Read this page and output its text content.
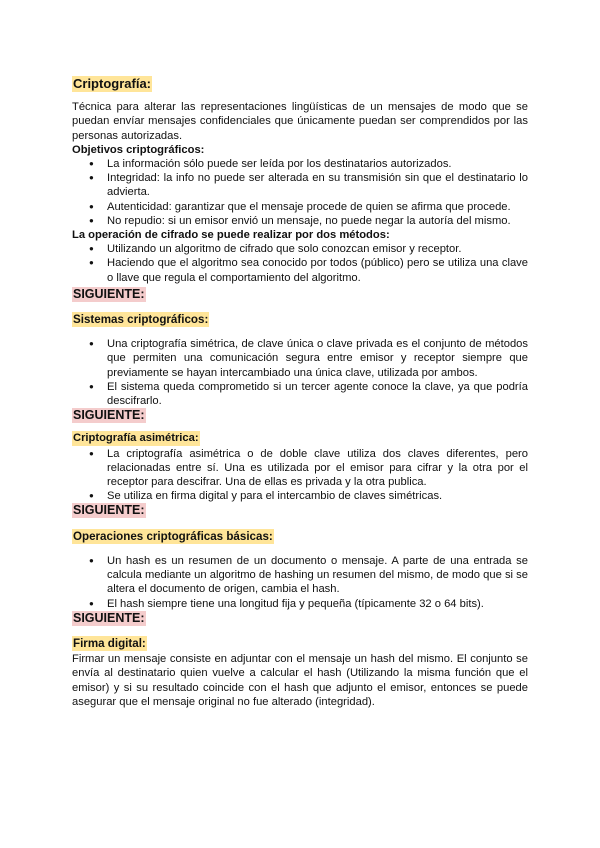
Criptografía:

Técnica para alterar las representaciones lingüísticas de un mensajes de modo que se puedan envíar mensajes confidenciales que únicamente puedan ser comprendidos por las personas autorizadas.

Objetivos criptográficos:

● La información sólo puede ser leída por los destinatarios autorizados.
● Integridad: la info no puede ser alterada en su transmisión sin que el destinatario lo advierta.
● Autenticidad: garantizar que el mensaje procede de quien se afirma que procede.
● No repudio: si un emisor envió un mensaje, no puede negar la autoría del mismo.

La operación de cifrado se puede realizar por dos métodos:

● Utilizando un algoritmo de cifrado que solo conozcan emisor y receptor.
● Haciendo que el algoritmo sea conocido por todos (público) pero se utiliza una clave o llave que regula el comportamiento del algoritmo.
SIGUIENTE:
Sistemas criptográficos:
● Una criptografía simétrica, de clave única o clave privada es el conjunto de métodos que permiten una comunicación segura entre emisor y receptor siempre que previamente se hayan intercambiado una única clave, utilizada por ambos.
● El sistema queda comprometido si un tercer agente conoce la clave, ya que podría descifrarlo.
SIGUIENTE:
Criptografía asimétrica:
● La criptografía asimétrica o de doble clave utiliza dos claves diferentes, pero relacionadas entre sí. Una es utilizada por el emisor para cifrar y la otra por el receptor para descifrar. Una de ellas es privada y la otra publica.
● Se utiliza en firma digital y para el intercambio de claves simétricas.
SIGUIENTE:
Operaciones criptográficas básicas:
● Un hash es un resumen de un documento o mensaje. A parte de una entrada se calcula mediante un algoritmo de hashing un resumen del mismo, de modo que si se altera el documento de origen, cambia el hash.
● El hash siempre tiene una longitud fija y pequeña (típicamente 32 o 64 bits).
SIGUIENTE:
Firma digital:

Firmar un mensaje consiste en adjuntar con el mensaje un hash del mismo. El conjunto se envía al destinatario quien vuelve a calcular el hash (Utilizando la misma función que el emisor) y si su resultado coincide con el hash que adjunto el emisor, entonces se puede asegurar que el mensaje original no fue alterado (integridad).
